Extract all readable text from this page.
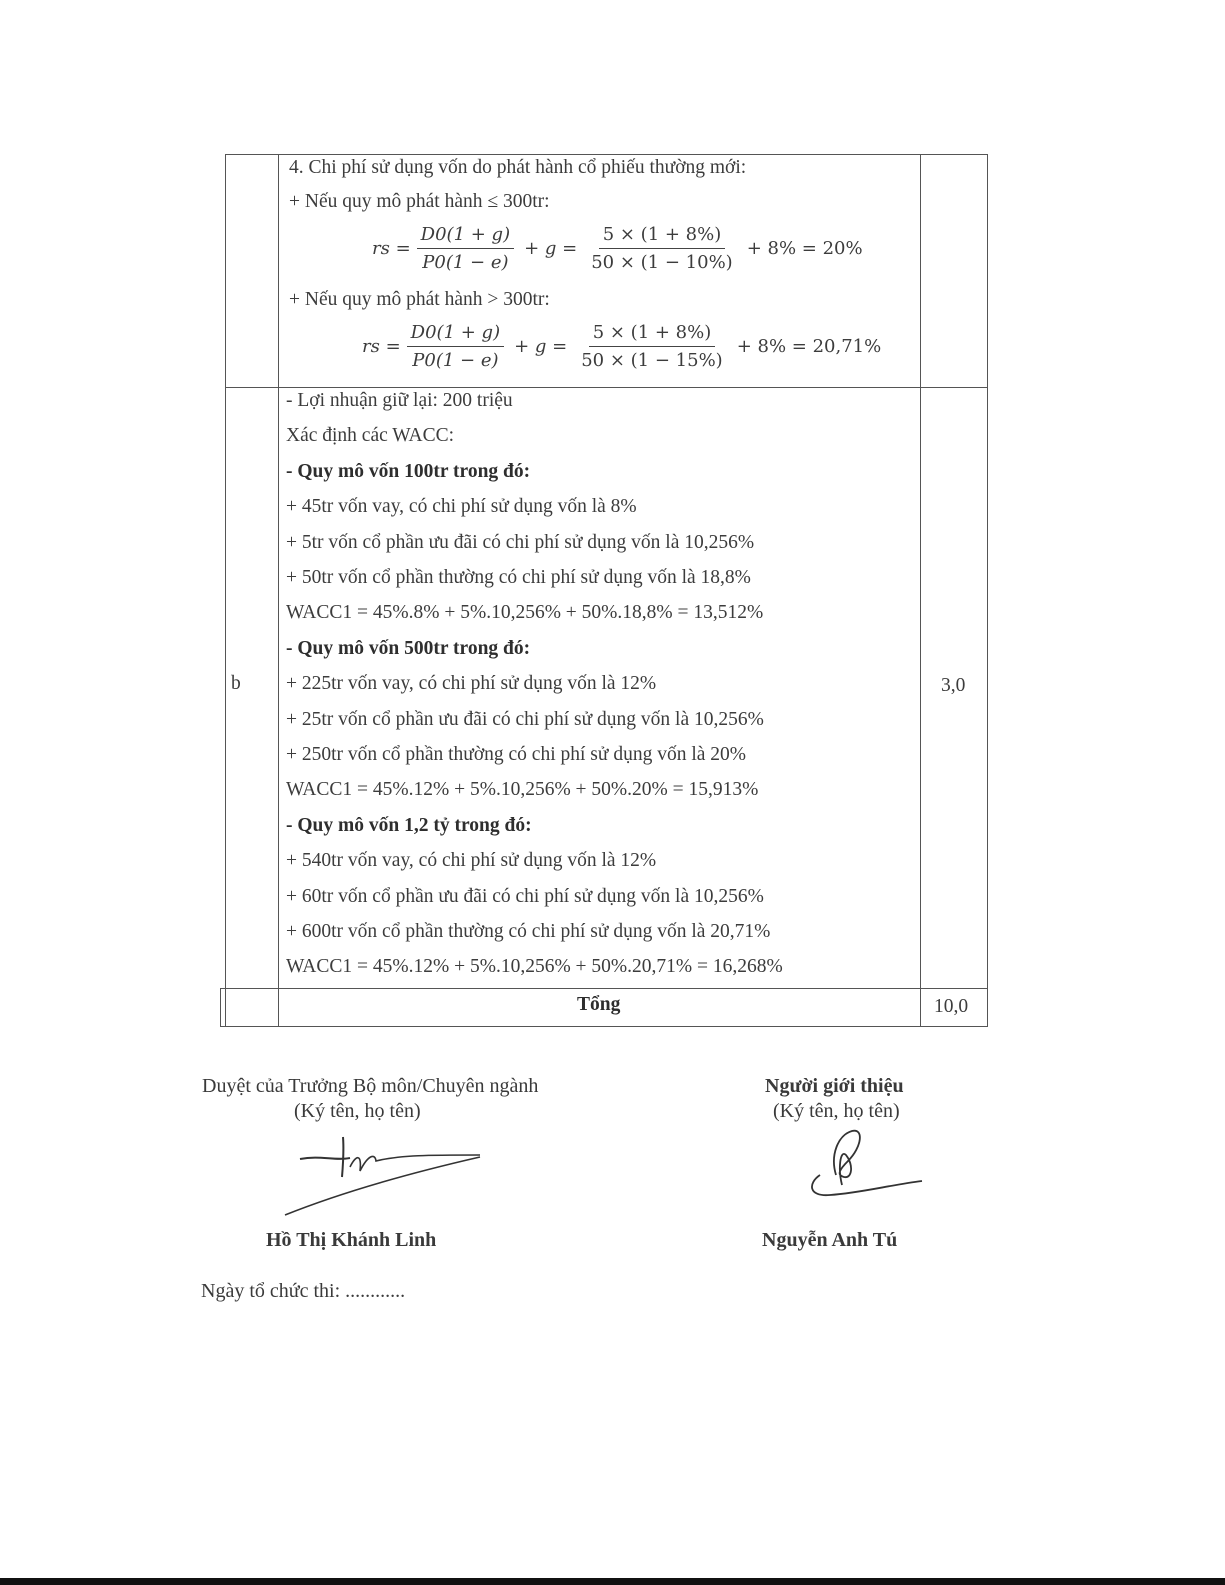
4. Chi phí sử dụng vốn do phát hành cổ phiếu thường mới:
+ Nếu quy mô phát hành ≤ 300tr:
rs = $\frac{D0(1 + g)}{P0(1 - e)} + g = \frac{5 \times (1 + 8\%)}{50 \times (1 - 10\%)} + 8\% = 20\%$
+ Nếu quy mô phát hành > 300tr:
rs = $\frac{D0(1 + g)}{P0(1 - e)} + g = \frac{5 \times (1 + 8\%)}{50 \times (1 - 15\%)} + 8\% = 20,71\%$
b	3,0
- Lợi nhuận giữ lại: 200 triệu
Xác định các WACC:
- Quy mô vốn 100tr trong đó:
+ 45tr vốn vay, có chi phí sử dụng vốn là 8%
+ 5tr vốn cổ phần ưu đãi có chi phí sử dụng vốn là 10,256%
+ 50tr vốn cổ phần thường có chi phí sử dụng vốn là 18,8%
WACC1 = 45%.8% + 5%.10,256% + 50%.18,8% = 13,512%
- Quy mô vốn 500tr trong đó:
+ 225tr vốn vay, có chi phí sử dụng vốn là 12%
+ 25tr vốn cổ phần ưu đãi có chi phí sử dụng vốn là 10,256%
+ 250tr vốn cổ phần thường có chi phí sử dụng vốn là 20%
WACC1 = 45%.12% + 5%.10,256% + 50%.20% = 15,913%
- Quy mô vốn 1,2 tỷ trong đó:
+ 540tr vốn vay, có chi phí sử dụng vốn là 12%
+ 60tr vốn cổ phần ưu đãi có chi phí sử dụng vốn là 10,256%
+ 600tr vốn cổ phần thường có chi phí sử dụng vốn là 20,71%
WACC1 = 45%.12% + 5%.10,256% + 50%.20,71% = 16,268%
Tổng	10,0
Duyệt của Trưởng Bộ môn/Chuyên ngành
(Ký tên, họ tên)
Hồ Thị Khánh Linh
Người giới thiệu
(Ký tên, họ tên)
Nguyễn Anh Tú
Ngày tổ chức thi: ............
